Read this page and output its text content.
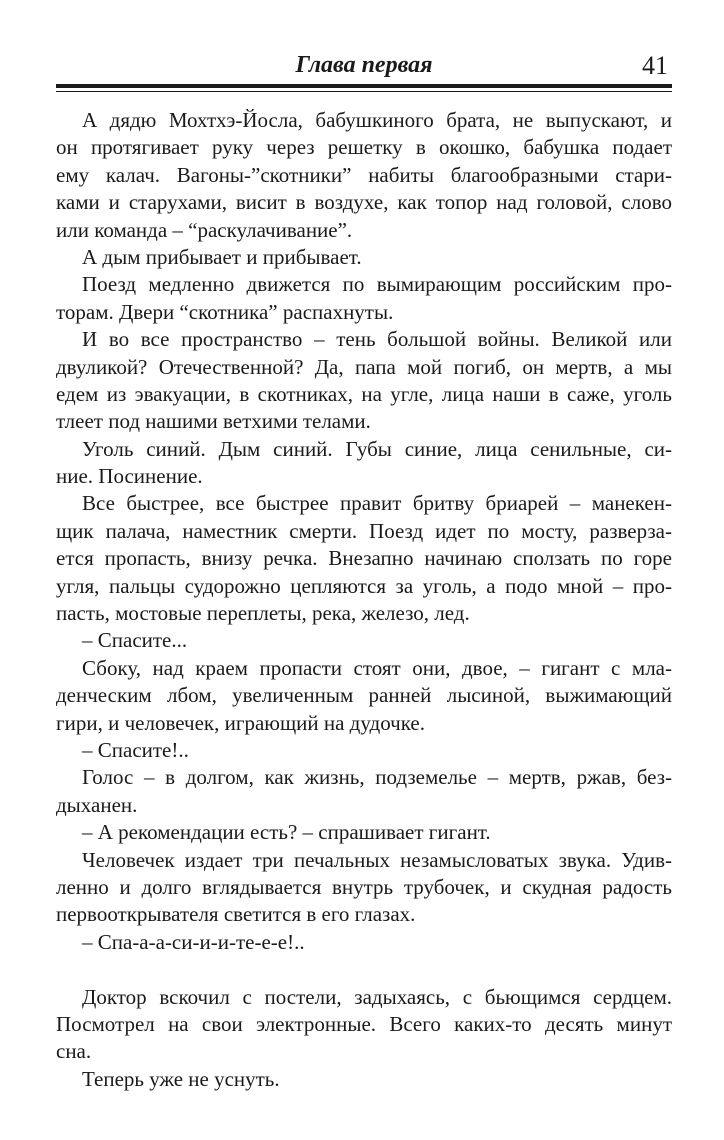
Глава первая	41
А дядю Мохтхэ-Йосла, бабушкиного брата, не выпускают, и
он протягивает руку через решетку в окошко, бабушка подает
ему калач. Вагоны-”скотники” набиты благообразными стари-
ками и старухами, висит в воздухе, как топор над головой, слово
или команда – “раскулачивание”.
А дым прибывает и прибывает.
Поезд медленно движется по вымирающим российским про-
торам. Двери “скотника” распахнуты.
И во все пространство – тень большой войны. Великой или
двуликой? Отечественной? Да, папа мой погиб, он мертв, а мы
едем из эвакуации, в скотниках, на угле, лица наши в саже, уголь
тлеет под нашими ветхими телами.
Уголь синий. Дым синий. Губы синие, лица сенильные, си-
ние. Посинение.
Все быстрее, все быстрее правит бритву бриарей – манекен-
щик палача, наместник смерти. Поезд идет по мосту, разверза-
ется пропасть, внизу речка. Внезапно начинаю сползать по горе
угля, пальцы судорожно цепляются за уголь, а подо мной – про-
пасть, мостовые переплеты, река, железо, лед.
– Спасите...
Сбоку, над краем пропасти стоят они, двое, – гигант с мла-
денческим лбом, увеличенным ранней лысиной, выжимающий
гири, и человечек, играющий на дудочке.
– Спасите!..
Голос – в долгом, как жизнь, подземелье – мертв, ржав, без-
дыханен.
– А рекомендации есть? – спрашивает гигант.
Человечек издает три печальных незамысловатых звука. Удив-
ленно и долго вглядывается внутрь трубочек, и скудная радость
первооткрывателя светится в его глазах.
– Спа-а-а-си-и-и-те-е-е!..
Доктор вскочил с постели, задыхаясь, с бьющимся сердцем.
Посмотрел на свои электронные. Всего каких-то десять минут
сна.
Теперь уже не уснуть.
